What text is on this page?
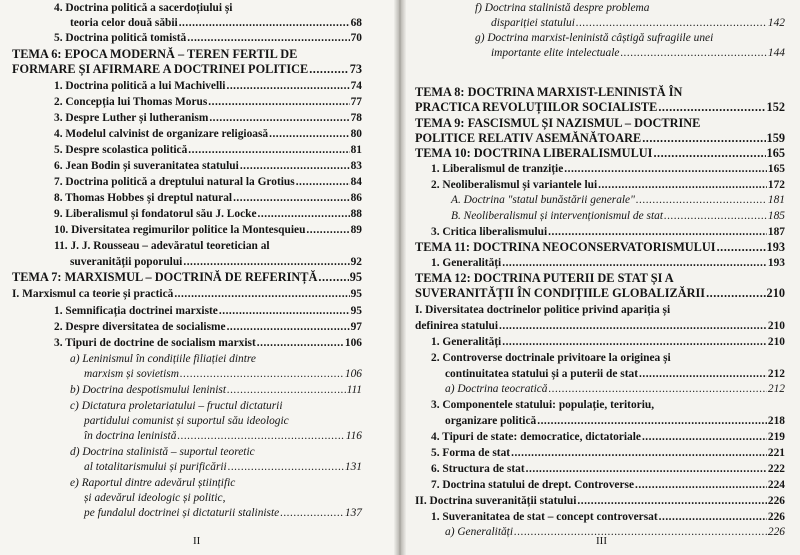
4. Doctrina politică a sacerdoțiului și
teoria celor două săbii .....	68
5. Doctrina politică tomistă .....	70
TEMA 6: EPOCA MODERNĂ – TEREN FERTIL DE
FORMARE ȘI AFIRMARE A DOCTRINEI POLITICE .....	73
1. Doctrina politică a lui Machivelli .....	74
2. Concepția lui Thomas Morus .....	77
3. Despre Luther și lutheranism .....	78
4. Modelul calvinist de organizare religioasă .....	80
5. Despre scolastica politică .....	81
6. Jean Bodin și suveranitatea statului .....	83
7. Doctrina politică a dreptului natural la Grotius .....	84
8. Thomas Hobbes și dreptul natural .....	86
9. Liberalismul și fondatorul său J. Locke .....	88
10. Diversitatea regimurilor politice la Montesquieu .....	89
11. J. J. Rousseau – adevăratul teoretician al
suveranității poporului .....	92
TEMA 7: MARXISMUL – DOCTRINĂ DE REFERINȚĂ .....	95
I. Marxismul ca teorie și practică .....	95
1. Semnificația doctrinei marxiste .....	95
2. Despre diversitatea de socialisme .....	97
3. Tipuri de doctrine de socialism marxist .....	106
a) Leninismul în condițiile filiației dintre
marxism și sovietism .....	106
b) Doctrina despotismului leninist .....	111
c) Dictatura proletariatului – fructul dictaturii
partidului comunist și suportul său ideologic
în doctrina leninistă .....	116
d) Doctrina stalinistă – suportul teoretic
al totalitarismului și purificării .....	131
e) Raportul dintre adevărul științific
și adevărul ideologic și politic,
pe fundalul doctrinei și dictaturii staliniste .....	137
II
f) Doctrina stalinistă despre problema
dispariției statului .....	142
g) Doctrina marxist-leninistă câștigă sufragiile unei
importante elite intelectuale .....	144
TEMA 8: DOCTRINA MARXIST-LENINISTĂ ÎN
PRACTICA REVOLUȚIILOR SOCIALISTE .....	152
TEMA 9: FASCISMUL ȘI NAZISMUL – DOCTRINE
POLITICE RELATIV ASEMĂNĂTOARE .....	159
TEMA 10: DOCTRINA LIBERALISMULUI .....	165
1. Liberalismul de tranziție .....	165
2. Neoliberalismul și variantele lui .....	172
A. Doctrina "statul bunăstării generale" .....	181
B. Neoliberalismul și intervenționismul de stat .....	185
3. Critica liberalismului .....	187
TEMA 11: DOCTRINA NEOCONSERVATORISMULUI .....	193
1. Generalități .....	193
TEMA 12: DOCTRINA PUTERII DE STAT ȘI A
SUVERANITĂȚII ÎN CONDIȚIILE GLOBALIZĂRII .....	210
I. Diversitatea doctrinelor politice privind apariția și
definirea statului .....	210
1. Generalități .....	210
2. Controverse doctrinale privitoare la originea și
continuitatea statului și a puterii de stat .....	212
a) Doctrina teocratică .....	212
3. Componentele statului: populație, teritoriu,
organizare politică .....	218
4. Tipuri de state: democratice, dictatoriale .....	219
5. Forma de stat .....	221
6. Structura de stat .....	222
7. Doctrina statului de drept. Controverse .....	224
II. Doctrina suveranității statului .....	226
1. Suveranitatea de stat – concept controversat .....	226
a) Generalități .....	226
III
